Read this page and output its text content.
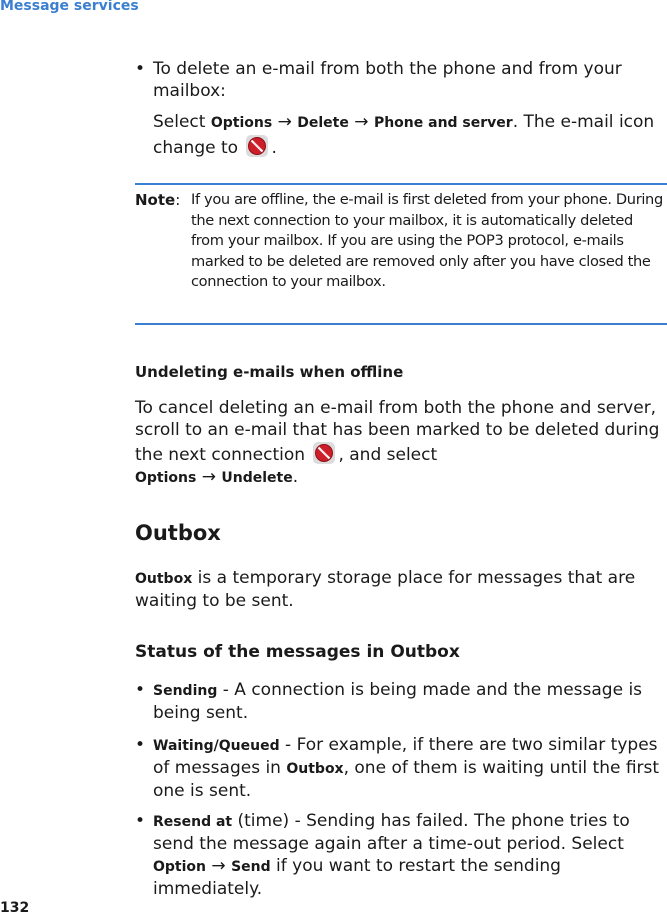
Message services
• To delete an e-mail from both the phone and from your mailbox:
Select Options → Delete → Phone and server. The e-mail icon change to .
Note: If you are offline, the e-mail is first deleted from your phone. During the next connection to your mailbox, it is automatically deleted from your mailbox. If you are using the POP3 protocol, e-mails marked to be deleted are removed only after you have closed the connection to your mailbox.
Undeleting e-mails when offline
To cancel deleting an e-mail from both the phone and server, scroll to an e-mail that has been marked to be deleted during the next connection , and select
Options → Undelete.
Outbox
Outbox is a temporary storage place for messages that are waiting to be sent.
Status of the messages in Outbox
• Sending - A connection is being made and the message is being sent.
• Waiting/Queued - For example, if there are two similar types of messages in Outbox, one of them is waiting until the first one is sent.
• Resend at (time) - Sending has failed. The phone tries to send the message again after a time-out period. Select Option → Send if you want to restart the sending immediately.
132
